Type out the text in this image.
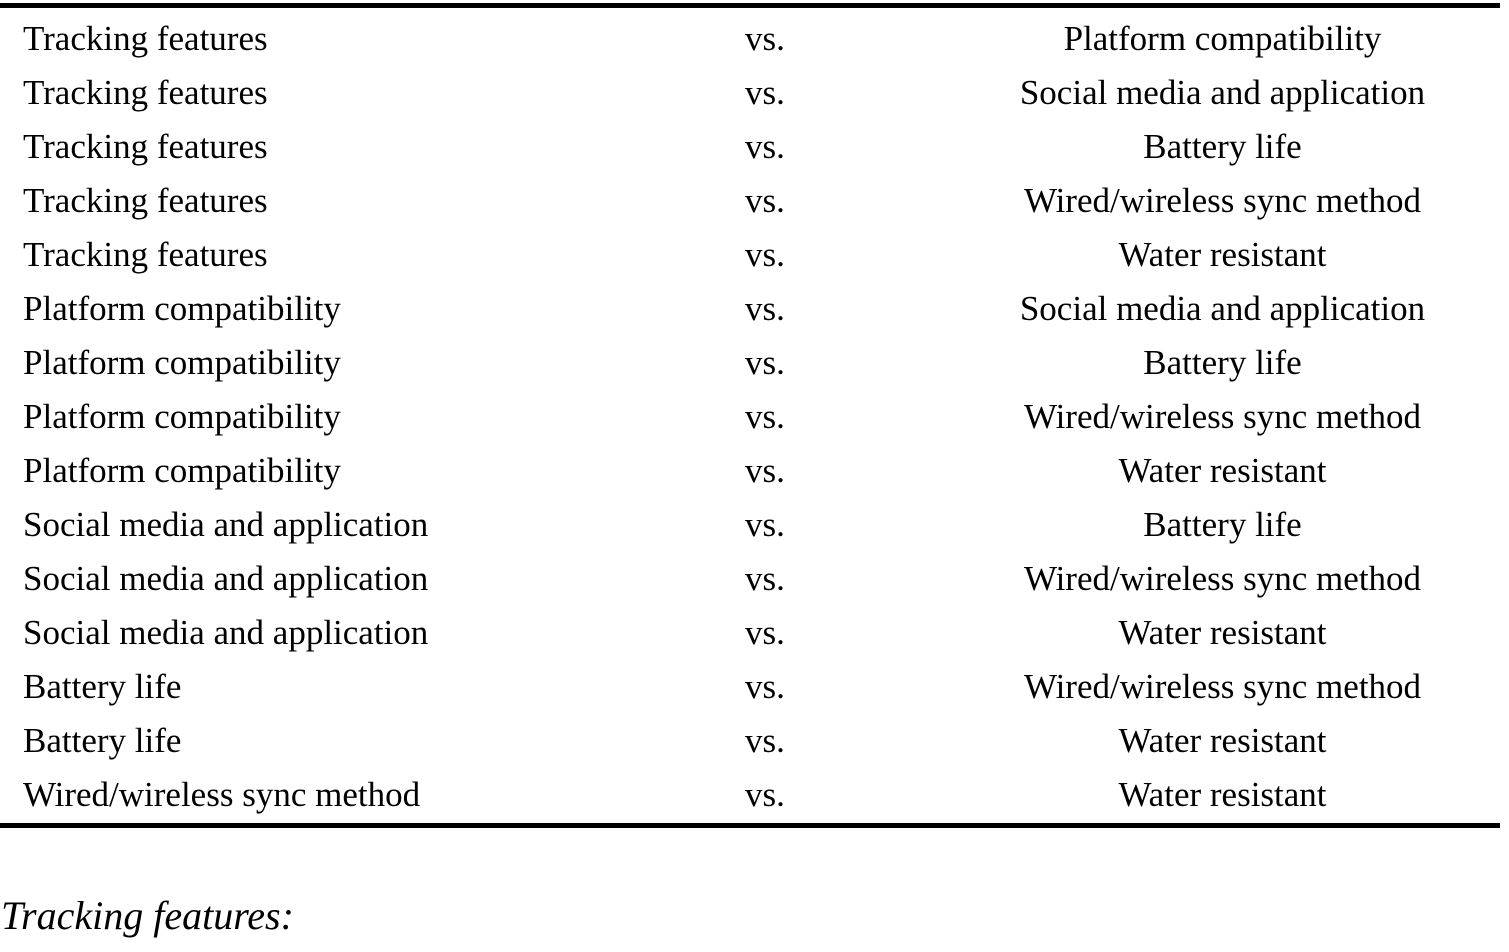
Tracking features	vs.	Platform compatibility
Tracking features	vs.	Social media and application
Tracking features	vs.	Battery life
Tracking features	vs.	Wired/wireless sync method
Tracking features	vs.	Water resistant
Platform compatibility	vs.	Social media and application
Platform compatibility	vs.	Battery life
Platform compatibility	vs.	Wired/wireless sync method
Platform compatibility	vs.	Water resistant
Social media and application	vs.	Battery life
Social media and application	vs.	Wired/wireless sync method
Social media and application	vs.	Water resistant
Battery life	vs.	Wired/wireless sync method
Battery life	vs.	Water resistant
Wired/wireless sync method	vs.	Water resistant
Tracking features:
